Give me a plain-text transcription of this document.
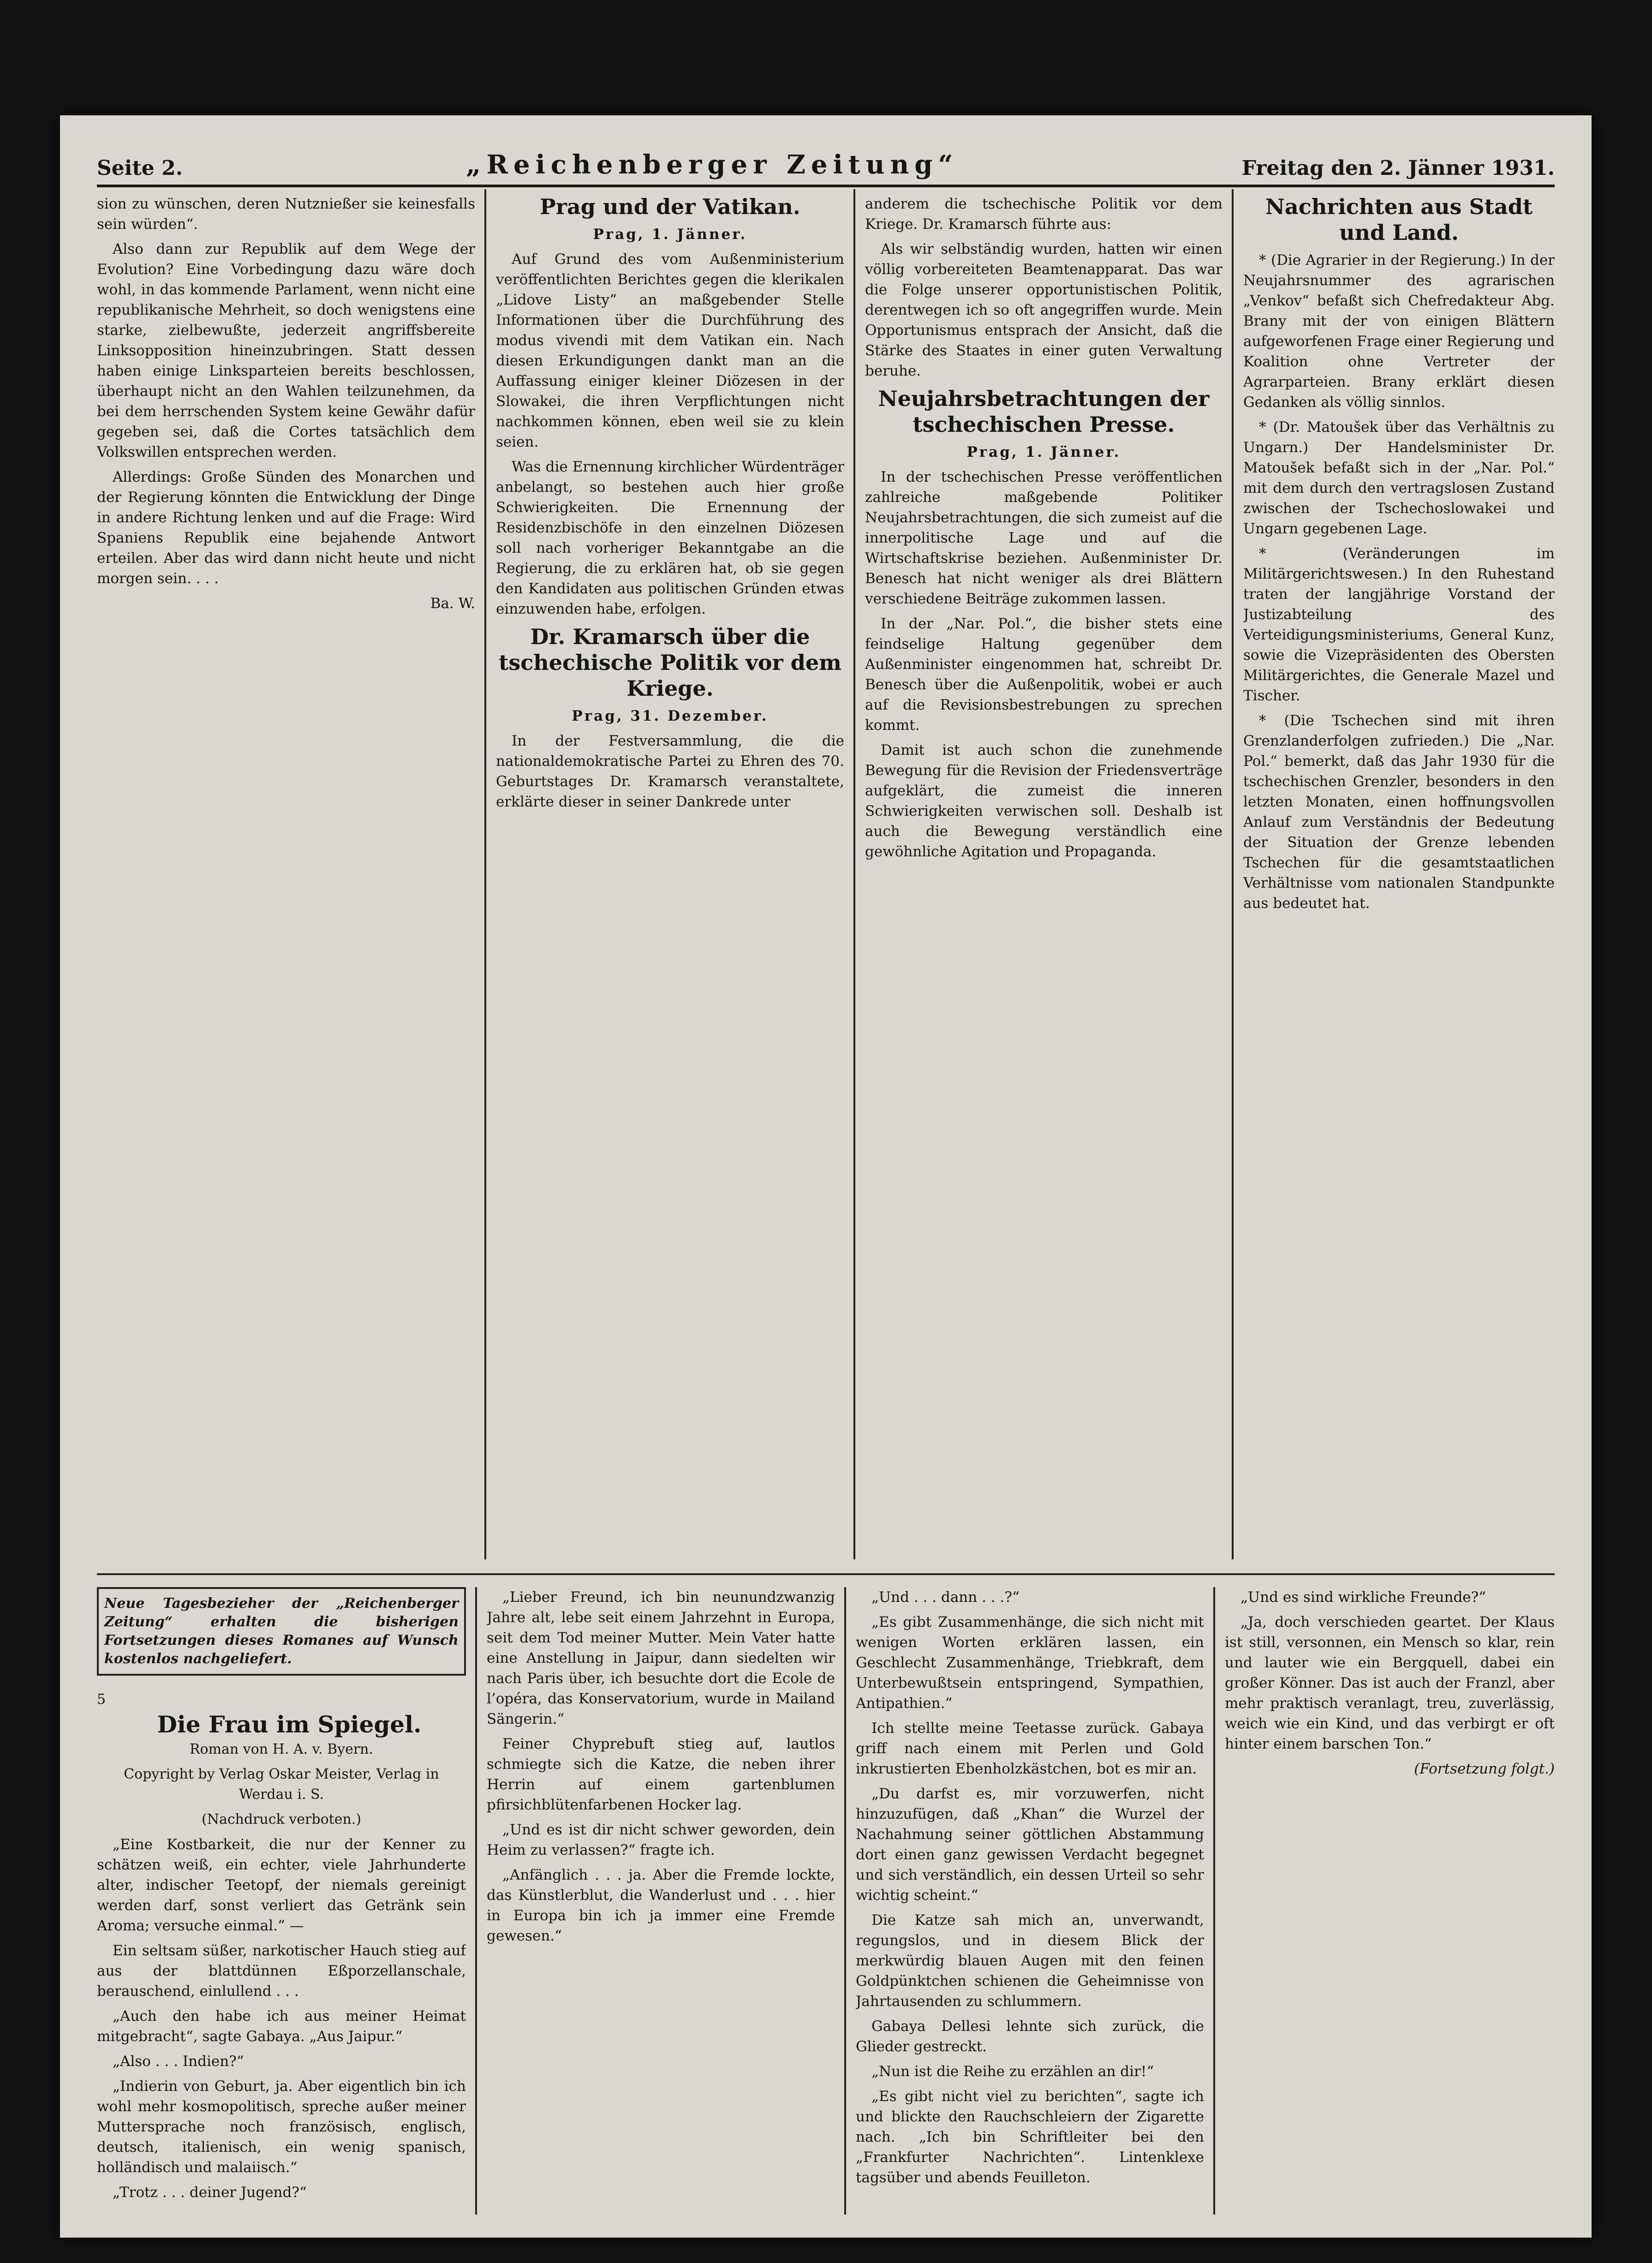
Seite 2.	„Reichenberger Zeitung“	Freitag den 2. Jänner 1931.

sion zu wünschen, deren Nutznießer sie keinesfalls sein würden“.

Also dann zur Republik auf dem Wege der Evolution? Eine Vorbedingung dazu wäre doch wohl, in das kommende Parlament, wenn nicht eine republikanische Mehrheit, so doch wenigstens eine starke, zielbewußte, jederzeit angriffsbereite Linksopposition hineinzubringen. Statt dessen haben einige Linksparteien bereits beschlossen, überhaupt nicht an den Wahlen teilzunehmen, da bei dem herrschenden System keine Gewähr dafür gegeben sei, daß die Cortes tatsächlich dem Volkswillen entsprechen werden.

Allerdings: Große Sünden des Monarchen und der Regierung könnten die Entwicklung der Dinge in andere Richtung lenken und auf die Frage: Wird Spaniens Republik eine bejahende Antwort erteilen. Aber das wird dann nicht heute und nicht morgen sein. . . .

Ba. W.

Prag und der Vatikan.

Prag, 1. Jänner.

Auf Grund des vom Außenministerium veröffentlichten Berichtes gegen die klerikalen „Lidove Listy“ an maßgebender Stelle Informationen über die Durchführung des modus vivendi mit dem Vatikan ein. Nach diesen Erkundigungen dankt man an die Auffassung einiger kleiner Diözesen in der Slowakei, die ihren Verpflichtungen nicht nachkommen können, eben weil sie zu klein seien.

Was die Ernennung kirchlicher Würdenträger anbelangt, so bestehen auch hier große Schwierigkeiten. Die Ernennung der Residenzbischöfe in den einzelnen Diözesen soll nach vorheriger Bekanntgabe an die Regierung, die zu erklären hat, ob sie gegen den Kandidaten aus politischen Gründen etwas einzuwenden habe, erfolgen.

Dr. Kramarsch über die tschechische Politik vor dem Kriege.

Prag, 31. Dezember.

In der Festversammlung, die die nationaldemokratische Partei zu Ehren des 70. Geburtstages Dr. Kramarsch veranstaltete, erklärte dieser in seiner Dankrede unter

anderem die tschechische Politik vor dem Kriege. Dr. Kramarsch führte aus:

Als wir selbständig wurden, hatten wir einen völlig vorbereiteten Beamtenapparat. Das war die Folge unserer opportunistischen Politik, derentwegen ich so oft angegriffen wurde. Mein Opportunismus entsprach der Ansicht, daß die Stärke des Staates in einer guten Verwaltung beruhe.

Neujahrsbetrachtungen der tschechischen Presse.

Prag, 1. Jänner.

In der tschechischen Presse veröffentlichen zahlreiche maßgebende Politiker Neujahrsbetrachtungen, die sich zumeist auf die innerpolitische Lage und auf die Wirtschaftskrise beziehen. Außenminister Dr. Benesch hat nicht weniger als drei Blättern verschiedene Beiträge zukommen lassen.

In der „Nar. Pol.“, die bisher stets eine feindselige Haltung gegenüber dem Außenminister eingenommen hat, schreibt Dr. Benesch über die Außenpolitik, wobei er auch auf die Revisionsbestrebungen zu sprechen kommt.

Damit ist auch schon die zunehmende Bewegung für die Revision der Friedensverträge aufgeklärt, die zumeist die inneren Schwierigkeiten verwischen soll. Deshalb ist auch die Bewegung verständlich eine gewöhnliche Agitation und Propaganda.

Nachrichten aus Stadt und Land.

* (Die Agrarier in der Regierung.) In der Neujahrsnummer des agrarischen „Venkov“ befaßt sich Chefredakteur Abg. Brany mit der von einigen Blättern aufgeworfenen Frage einer Regierung und Koalition ohne Vertreter der Agrarparteien. Brany erklärt diesen Gedanken als völlig sinnlos.

* (Dr. Matoušek über das Verhältnis zu Ungarn.) Der Handelsminister Dr. Matoušek befaßt sich in der „Nar. Pol.“ mit dem durch den vertragslosen Zustand zwischen der Tschechoslowakei und Ungarn gegebenen Lage.

* (Veränderungen im Militärgerichtswesen.) In den Ruhestand traten der langjährige Vorstand der Justizabteilung des Verteidigungsministeriums, General Kunz, sowie die Vizepräsidenten des Obersten Militärgerichtes, die Generale Mazel und Tischer.

* (Die Tschechen sind mit ihren Grenzlanderfolgen zufrieden.) Die „Nar. Pol.“ bemerkt, daß das Jahr 1930 für die tschechischen Grenzler, besonders in den letzten Monaten, einen hoffnungsvollen Anlauf zum Verständnis der Bedeutung der Situation der Grenze lebenden Tschechen für die gesamtstaatlichen Verhältnisse vom nationalen Standpunkte aus bedeutet hat.

Neue Tagesbezieher der „Reichenberger Zeitung“ erhalten die bisherigen Fortsetzungen dieses Romanes auf Wunsch kostenlos nachgeliefert.

5

Die Frau im Spiegel.

Roman von H. A. v. Byern.

Copyright by Verlag Oskar Meister, Verlag in Werdau i. S.

(Nachdruck verboten.)

„Eine Kostbarkeit, die nur der Kenner zu schätzen weiß, ein echter, viele Jahrhunderte alter, indischer Teetopf, der niemals gereinigt werden darf, sonst verliert das Getränk sein Aroma; versuche einmal.“ —

Ein seltsam süßer, narkotischer Hauch stieg auf aus der blattdünnen Eßporzellanschale, berauschend, einlullend . . .

„Auch den habe ich aus meiner Heimat mitgebracht“, sagte Gabaya. „Aus Jaipur.“

„Also . . . Indien?“

„Indierin von Geburt, ja. Aber eigentlich bin ich wohl mehr kosmopolitisch, spreche außer meiner Muttersprache noch französisch, englisch, deutsch, italienisch, ein wenig spanisch, holländisch und malaiisch.“

„Trotz . . . deiner Jugend?“

„Lieber Freund, ich bin neunundzwanzig Jahre alt, lebe seit einem Jahrzehnt in Europa, seit dem Tod meiner Mutter. Mein Vater hatte eine Anstellung in Jaipur, dann siedelten wir nach Paris über, ich besuchte dort die Ecole de l’opéra, das Konservatorium, wurde in Mailand Sängerin.“

Feiner Chyprebuft stieg auf, lautlos schmiegte sich die Katze, die neben ihrer Herrin auf einem gartenblumen pfirsichblütenfarbenen Hocker lag.

„Und es ist dir nicht schwer geworden, dein Heim zu verlassen?“ fragte ich.

„Anfänglich . . . ja. Aber die Fremde lockte, das Künstlerblut, die Wanderlust und . . . hier in Europa bin ich ja immer eine Fremde gewesen.“

„Und . . . dann . . .?“

„Es gibt Zusammenhänge, die sich nicht mit wenigen Worten erklären lassen, ein Geschlecht Zusammenhänge, Triebkraft, dem Unterbewußtsein entspringend, Sympathien, Antipathien.“

Ich stellte meine Teetasse zurück. Gabaya griff nach einem mit Perlen und Gold inkrustierten Ebenholzkästchen, bot es mir an.

„Du darfst es, mir vorzuwerfen, nicht hinzuzufügen, daß „Khan“ die Wurzel der Nachahmung seiner göttlichen Abstammung dort einen ganz gewissen Verdacht begegnet und sich verständlich, ein dessen Urteil so sehr wichtig scheint.“

Die Katze sah mich an, unverwandt, regungslos, und in diesem Blick der merkwürdig blauen Augen mit den feinen Goldpünktchen schienen die Geheimnisse von Jahrtausenden zu schlummern.

Gabaya Dellesi lehnte sich zurück, die Glieder gestreckt.

„Nun ist die Reihe zu erzählen an dir!“

„Es gibt nicht viel zu berichten“, sagte ich und blickte den Rauchschleiern der Zigarette nach. „Ich bin Schriftleiter bei den „Frankfurter Nachrichten“. Lintenklexe tagsüber und abends Feuilleton.

„Und es sind wirkliche Freunde?“

„Ja, doch verschieden geartet. Der Klaus ist still, versonnen, ein Mensch so klar, rein und lauter wie ein Bergquell, dabei ein großer Könner. Das ist auch der Franzl, aber mehr praktisch veranlagt, treu, zuverlässig, weich wie ein Kind, und das verbirgt er oft hinter einem barschen Ton.“

(Fortsetzung folgt.)
